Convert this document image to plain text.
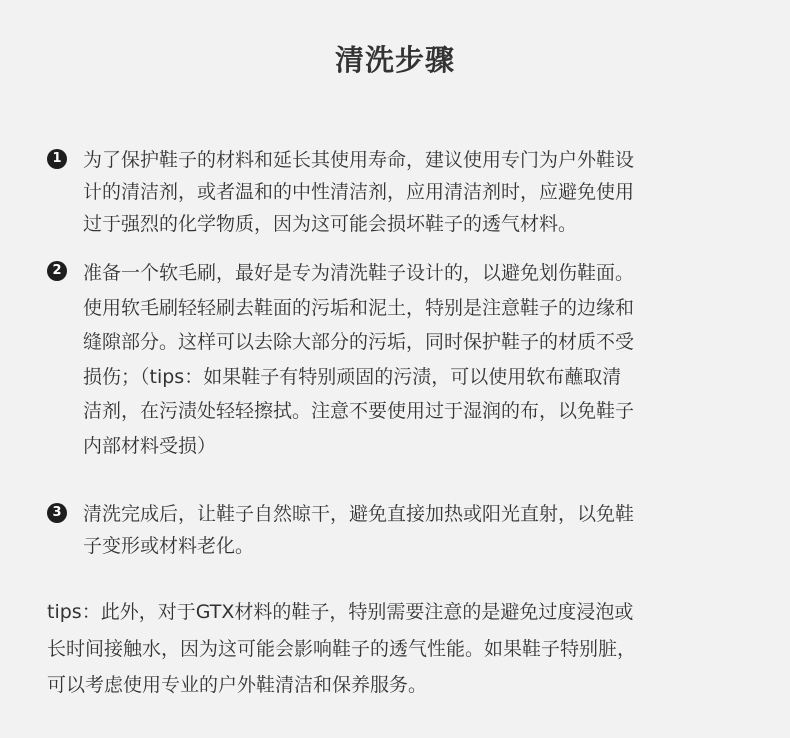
清洗步骤
1 为了保护鞋子的材料和延长其使用寿命，建议使用专门为户外鞋设
计的清洁剂，或者温和的中性清洁剂，应用清洁剂时，应避免使用
过于强烈的化学物质，因为这可能会损坏鞋子的透气材料。
2 准备一个软毛刷，最好是专为清洗鞋子设计的，以避免划伤鞋面。
使用软毛刷轻轻刷去鞋面的污垢和泥土，特别是注意鞋子的边缘和
缝隙部分。这样可以去除大部分的污垢，同时保护鞋子的材质不受
损伤；（tips：如果鞋子有特别顽固的污渍，可以使用软布蘸取清
洁剂，在污渍处轻轻擦拭。注意不要使用过于湿润的布，以免鞋子
内部材料受损）
3 清洗完成后，让鞋子自然晾干，避免直接加热或阳光直射，以免鞋
子变形或材料老化。
tips：此外，对于GTX材料的鞋子，特别需要注意的是避免过度浸泡或
长时间接触水，因为这可能会影响鞋子的透气性能。如果鞋子特别脏，
可以考虑使用专业的户外鞋清洁和保养服务。
